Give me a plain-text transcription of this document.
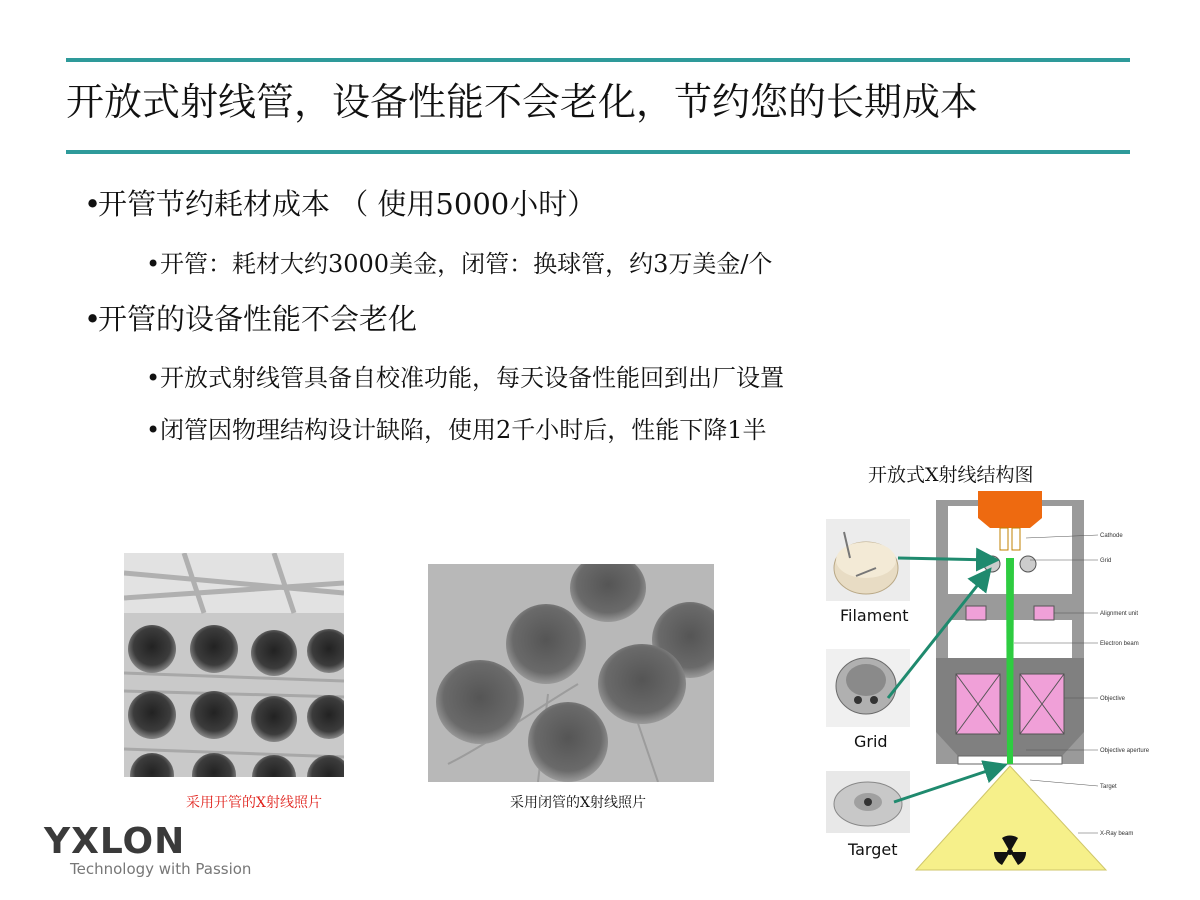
开放式射线管，设备性能不会老化，节约您的长期成本
•开管节约耗材成本 （ 使用5000小时）
•开管：耗材大约3000美金，闭管：换球管，约3万美金/个
•开管的设备性能不会老化
•开放式射线管具备自校准功能，每天设备性能回到出厂设置
•闭管因物理结构设计缺陷，使用2千小时后，性能下降1半
采用开管的X射线照片	采用闭管的X射线照片
YXLON
Technology with Passion
开放式X射线结构图
Cathode
Grid
Alignment unit
Electron beam
Objective
Objective aperture
Target
X-Ray beam
Filament
Grid
Target
